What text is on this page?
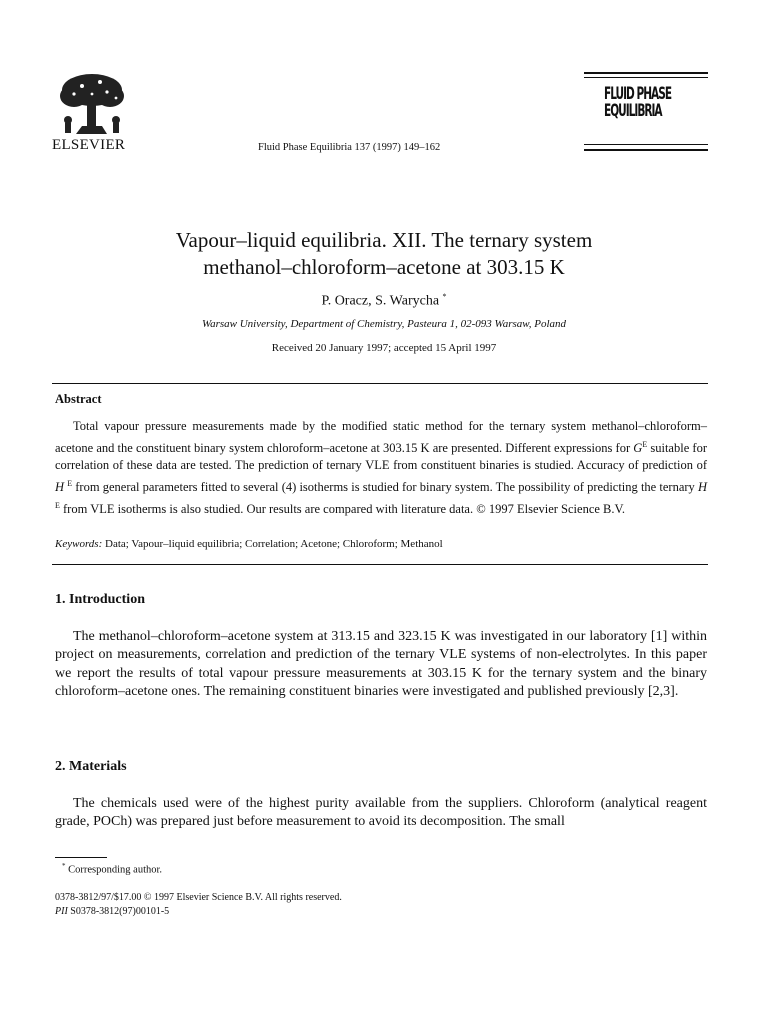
ELSEVIER	Fluid Phase Equilibria 137 (1997) 149–162
FLUID PHASE
EQUILIBRIA
Vapour–liquid equilibria. XII. The ternary system
methanol–chloroform–acetone at 303.15 K
P. Oracz, S. Warycha *
Warsaw University, Department of Chemistry, Pasteura 1, 02-093 Warsaw, Poland
Received 20 January 1997; accepted 15 April 1997
Abstract
Total vapour pressure measurements made by the modified static method for the ternary system methanol–chloroform–acetone and the constituent binary system chloroform–acetone at 303.15 K are presented. Different expressions for $G^E$ suitable for correlation of these data are tested. The prediction of ternary VLE from constituent binaries is studied. Accuracy of prediction of H $^E$ from general parameters fitted to several (4) isotherms is studied for binary system. The possibility of predicting the ternary H $^E$ from VLE isotherms is also studied. Our results are compared with literature data. © 1997 Elsevier Science B.V.
Keywords: Data; Vapour–liquid equilibria; Correlation; Acetone; Chloroform; Methanol
1. Introduction
The methanol–chloroform–acetone system at 313.15 and 323.15 K was investigated in our laboratory [1] within project on measurements, correlation and prediction of the ternary VLE systems of non-electrolytes. In this paper we report the results of total vapour pressure measurements at 303.15 K for the ternary system and the binary chloroform–acetone ones. The remaining constituent binaries were investigated and published previously [2,3].
2. Materials
The chemicals used were of the highest purity available from the suppliers. Chloroform (analytical reagent grade, POCh) was prepared just before measurement to avoid its decomposition. The small
* Corresponding author.
0378-3812/97/$17.00 © 1997 Elsevier Science B.V. All rights reserved.
PII S0378-3812(97)00101-5
